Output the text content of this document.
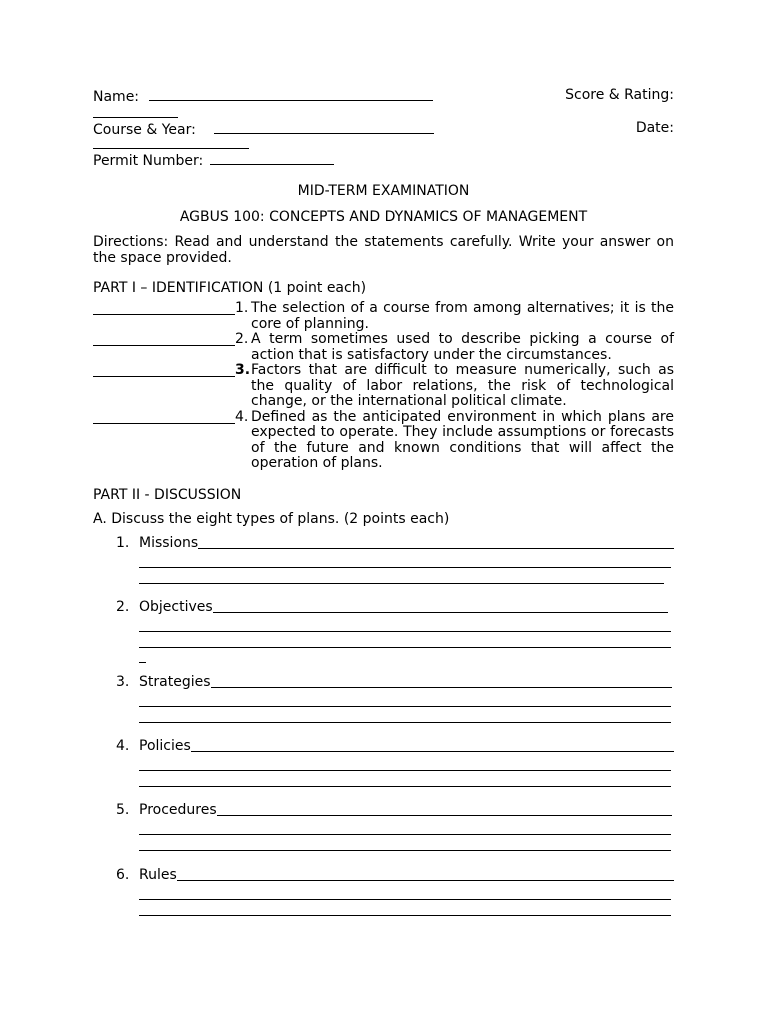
Name:	Score & Rating:
Course & Year:	Date:
Permit Number:
MID-TERM EXAMINATION
AGBUS 100: CONCEPTS AND DYNAMICS OF MANAGEMENT
Directions: Read and understand the statements carefully. Write your answer on the space provided.
PART I – IDENTIFICATION (1 point each)
1. The selection of a course from among alternatives; it is the core of planning.
2. A term sometimes used to describe picking a course of action that is satisfactory under the circumstances.
3. Factors that are difficult to measure numerically, such as the quality of labor relations, the risk of technological change, or the international political climate.
4. Defined as the anticipated environment in which plans are expected to operate. They include assumptions or forecasts of the future and known conditions that will affect the operation of plans.
PART II - DISCUSSION
A. Discuss the eight types of plans. (2 points each)
1. Missions
2. Objectives
3. Strategies
4. Policies
5. Procedures
6. Rules
